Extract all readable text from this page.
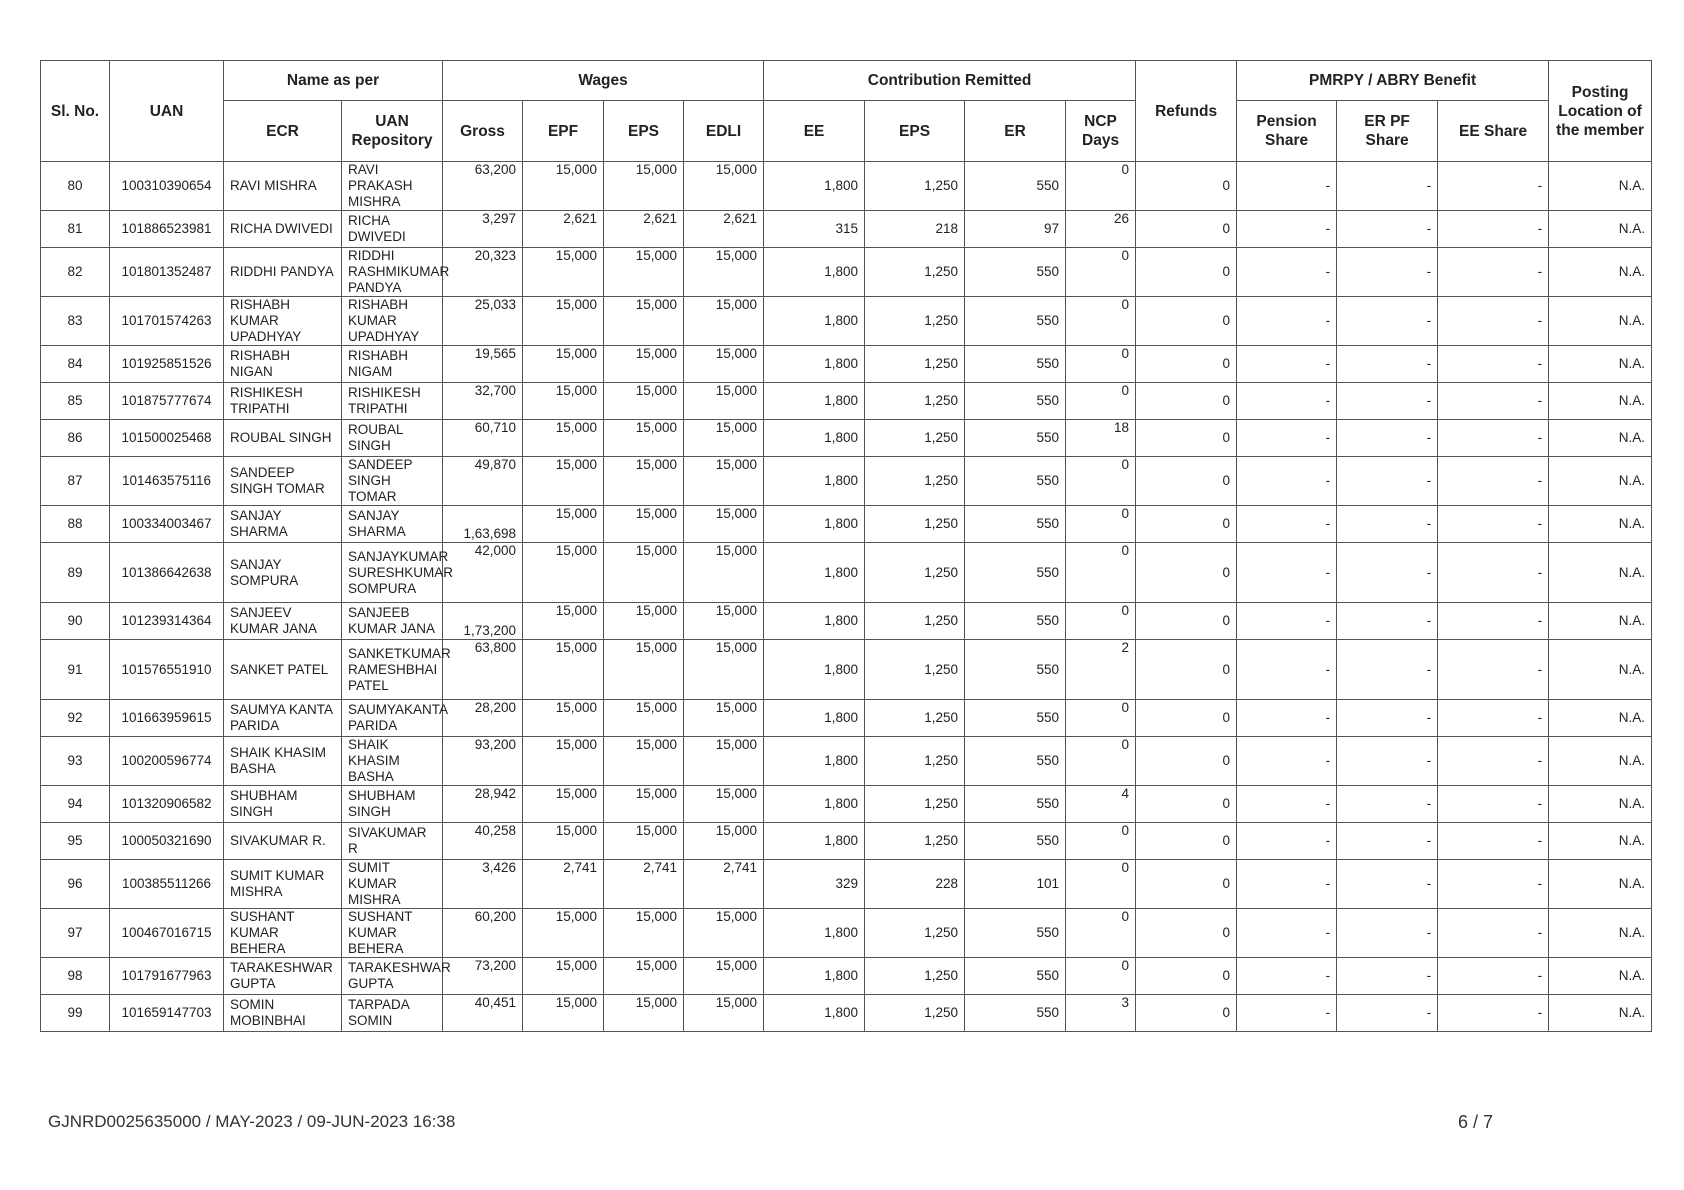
Sl. No.	UAN	Name as per		Wages				Contribution Remitted				Refunds	PMRPY / ABRY Benefit			Posting Location of the member
		ECR	UAN Repository	Gross	EPF	EPS	EDLI	EE	EPS	ER	NCP Days		Pension Share	ER PF Share	EE Share	
80	100310390654	RAVI MISHRA	RAVI PRAKASH MISHRA	63,200	15,000	15,000	15,000	1,800	1,250	550	0	0	-	-	-	N.A.
81	101886523981	RICHA DWIVEDI	RICHA DWIVEDI	3,297	2,621	2,621	2,621	315	218	97	26	0	-	-	-	N.A.
82	101801352487	RIDDHI PANDYA	RIDDHI RASHMIKUMAR PANDYA	20,323	15,000	15,000	15,000	1,800	1,250	550	0	0	-	-	-	N.A.
83	101701574263	RISHABH KUMAR UPADHYAY	RISHABH KUMAR UPADHYAY	25,033	15,000	15,000	15,000	1,800	1,250	550	0	0	-	-	-	N.A.
84	101925851526	RISHABH NIGAN	RISHABH NIGAM	19,565	15,000	15,000	15,000	1,800	1,250	550	0	0	-	-	-	N.A.
85	101875777674	RISHIKESH TRIPATHI	RISHIKESH TRIPATHI	32,700	15,000	15,000	15,000	1,800	1,250	550	0	0	-	-	-	N.A.
86	101500025468	ROUBAL SINGH	ROUBAL SINGH	60,710	15,000	15,000	15,000	1,800	1,250	550	18	0	-	-	-	N.A.
87	101463575116	SANDEEP SINGH TOMAR	SANDEEP SINGH TOMAR	49,870	15,000	15,000	15,000	1,800	1,250	550	0	0	-	-	-	N.A.
88	100334003467	SANJAY SHARMA	SANJAY SHARMA	1,63,698	15,000	15,000	15,000	1,800	1,250	550	0	0	-	-	-	N.A.
89	101386642638	SANJAY SOMPURA	SANJAYKUMAR SURESHKUMAR SOMPURA	42,000	15,000	15,000	15,000	1,800	1,250	550	0	0	-	-	-	N.A.
90	101239314364	SANJEEV KUMAR JANA	SANJEEB KUMAR JANA	1,73,200	15,000	15,000	15,000	1,800	1,250	550	0	0	-	-	-	N.A.
91	101576551910	SANKET PATEL	SANKETKUMAR RAMESHBHAI PATEL	63,800	15,000	15,000	15,000	1,800	1,250	550	2	0	-	-	-	N.A.
92	101663959615	SAUMYA KANTA PARIDA	SAUMYAKANTA PARIDA	28,200	15,000	15,000	15,000	1,800	1,250	550	0	0	-	-	-	N.A.
93	100200596774	SHAIK KHASIM BASHA	SHAIK KHASIM BASHA	93,200	15,000	15,000	15,000	1,800	1,250	550	0	0	-	-	-	N.A.
94	101320906582	SHUBHAM SINGH	SHUBHAM SINGH	28,942	15,000	15,000	15,000	1,800	1,250	550	4	0	-	-	-	N.A.
95	100050321690	SIVAKUMAR R.	SIVAKUMAR R	40,258	15,000	15,000	15,000	1,800	1,250	550	0	0	-	-	-	N.A.
96	100385511266	SUMIT KUMAR MISHRA	SUMIT KUMAR MISHRA	3,426	2,741	2,741	2,741	329	228	101	0	0	-	-	-	N.A.
97	100467016715	SUSHANT KUMAR BEHERA	SUSHANT KUMAR BEHERA	60,200	15,000	15,000	15,000	1,800	1,250	550	0	0	-	-	-	N.A.
98	101791677963	TARAKESHWAR GUPTA	TARAKESHWAR GUPTA	73,200	15,000	15,000	15,000	1,800	1,250	550	0	0	-	-	-	N.A.
99	101659147703	SOMIN MOBINBHAI	TARPADA SOMIN	40,451	15,000	15,000	15,000	1,800	1,250	550	3	0	-	-	-	N.A.
GJNRD0025635000 / MAY-2023 / 09-JUN-2023 16:38	6 / 7
